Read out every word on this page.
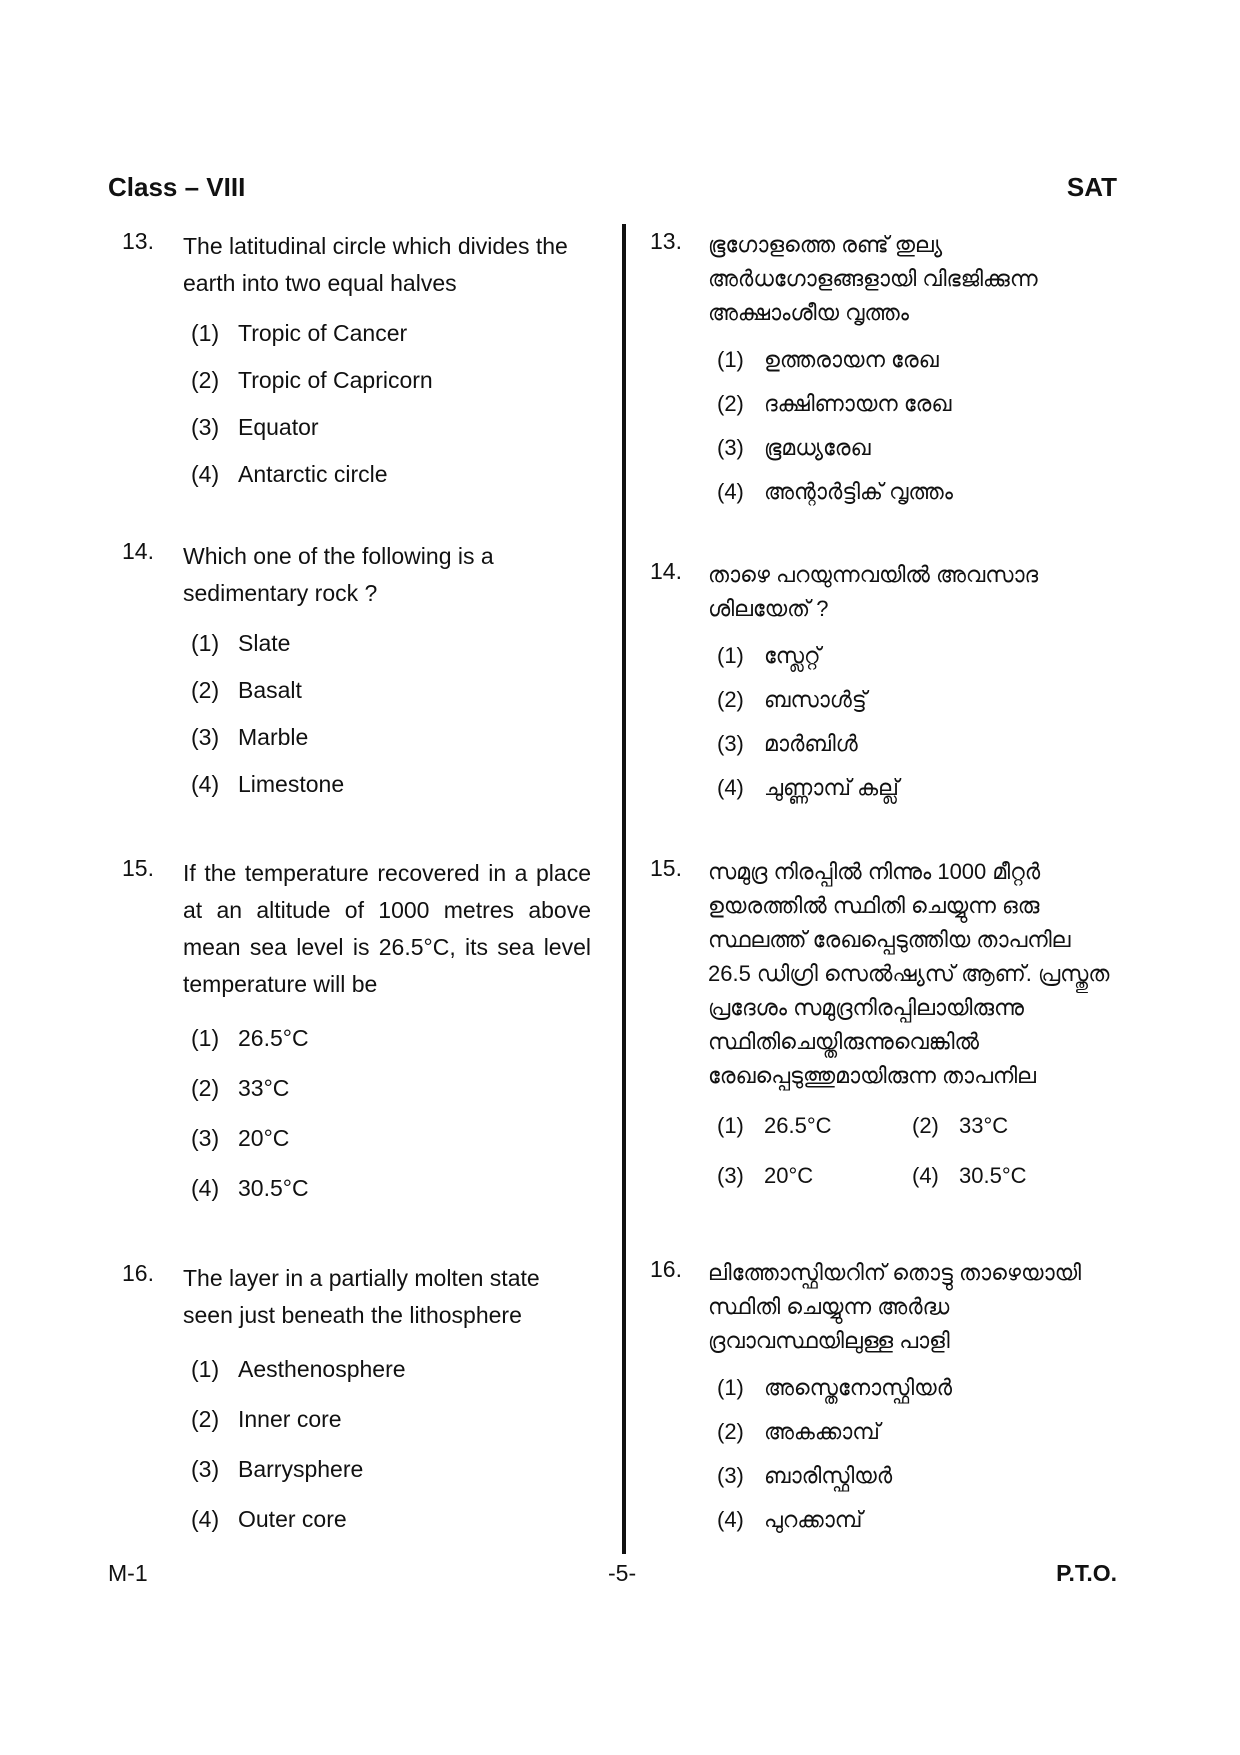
Class – VIII	SAT
13. The latitudinal circle which divides the earth into two equal halves
(1) Tropic of Cancer
(2) Tropic of Capricorn
(3) Equator
(4) Antarctic circle
14. Which one of the following is a sedimentary rock ?
(1) Slate
(2) Basalt
(3) Marble
(4) Limestone
15. If the temperature recovered in a place at an altitude of 1000 metres above mean sea level is 26.5°C, its sea level temperature will be
(1) 26.5°C
(2) 33°C
(3) 20°C
(4) 30.5°C
16. The layer in a partially molten state seen just beneath the lithosphere
(1) Aesthenosphere
(2) Inner core
(3) Barrysphere
(4) Outer core
13. ഭൂഗോളത്തെ രണ്ട് തുല്യ അർധഗോളങ്ങളായി വിഭജിക്കുന്ന അക്ഷാംശീയ വൃത്തം
(1) ഉത്തരായന രേഖ
(2) ദക്ഷിണായന രേഖ
(3) ഭൂമധ്യരേഖ
(4) അന്റാർട്ടിക് വൃത്തം
14. താഴെ പറയുന്നവയിൽ അവസാദ ശിലയേത് ?
(1) സ്ലേറ്റ്
(2) ബസാൾട്ട്
(3) മാർബിൾ
(4) ചുണ്ണാമ്പ് കല്ല്
15. സമുദ്ര നിരപ്പിൽ നിന്നും 1000 മീറ്റർ ഉയരത്തിൽ സ്ഥിതി ചെയ്യുന്ന ഒരു സ്ഥലത്ത് രേഖപ്പെടുത്തിയ താപനില 26.5 ഡിഗ്രി സെൽഷ്യസ് ആണ്. പ്രസ്തുത പ്രദേശം സമുദ്രനിരപ്പിലായിരുന്നു സ്ഥിതിചെയ്തിരുന്നുവെങ്കിൽ രേഖപ്പെടുത്തുമായിരുന്ന താപനില
(1) 26.5°C	(2) 33°C
(3) 20°C	(4) 30.5°C
16. ലിത്തോസ്ഫിയറിന് തൊട്ടു താഴെയായി സ്ഥിതി ചെയ്യുന്ന അർദ്ധ ദ്രവാവസ്ഥയിലുള്ള പാളി
(1) അസ്തെനോസ്ഫിയർ
(2) അകക്കാമ്പ്
(3) ബാരിസ്ഫിയർ
(4) പുറക്കാമ്പ്
M-1	-5-	P.T.O.
